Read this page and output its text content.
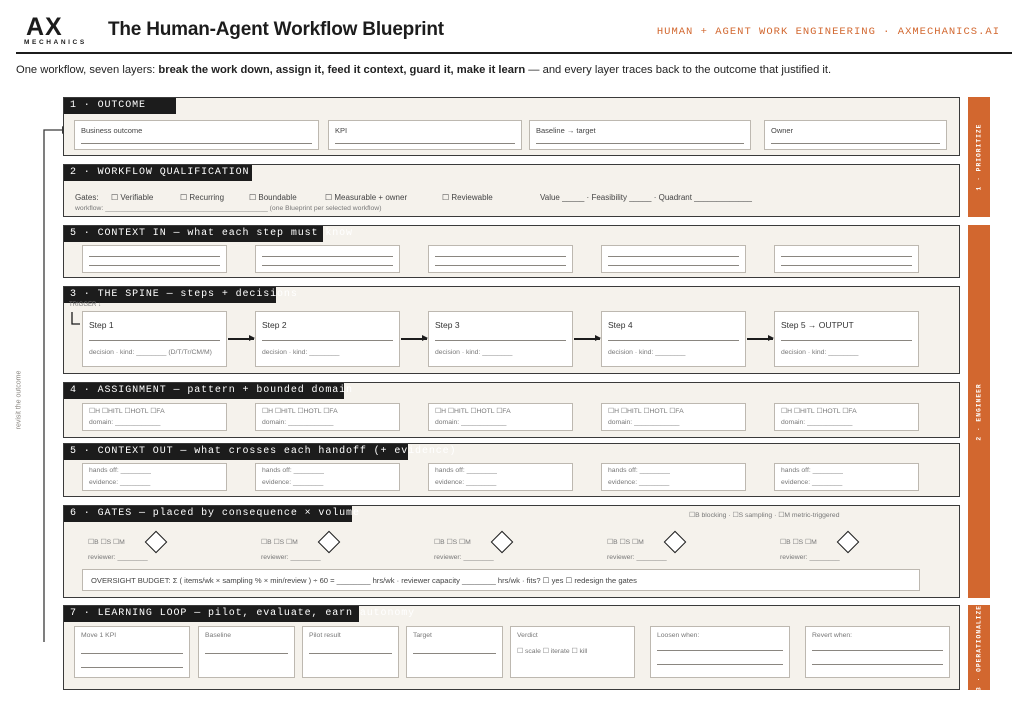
AX
MECHANICS
The Human-Agent Workflow Blueprint	HUMAN + AGENT WORK ENGINEERING · AXMECHANICS.AI
One workflow, seven layers: break the work down, assign it, feed it context, guard it, make it learn — and every layer traces back to the outcome that justified it.
revisit the outcome
1 · PRIORITIZE
2 · ENGINEER
3 · OPERATIONALIZE
1 · OUTCOME
Business outcome	KPI	Baseline → target	Owner
2 · WORKFLOW QUALIFICATION
Gates: ☐ Verifiable	☐ Recurring	☐ Boundable	☐ Measurable + owner	☐ Reviewable	Value _____ · Feasibility _____ · Quadrant _____________
workflow: ___________________________________________ (one Blueprint per selected workflow)
5 · CONTEXT IN — what each step must know
3 · THE SPINE — steps + decisions
TRIGGER ↓
Step 1
decision · kind: ________ (D/T/Tr/CM/M)
Step 2
decision · kind: ________
Step 3
decision · kind: ________
Step 4
decision · kind: ________
Step 5 → OUTPUT
decision · kind: ________
4 · ASSIGNMENT — pattern + bounded domain
☐H ☐HITL ☐HOTL ☐FA
domain: ____________
☐H ☐HITL ☐HOTL ☐FA
domain: ____________
☐H ☐HITL ☐HOTL ☐FA
domain: ____________
☐H ☐HITL ☐HOTL ☐FA
domain: ____________
☐H ☐HITL ☐HOTL ☐FA
domain: ____________
5 · CONTEXT OUT — what crosses each handoff (+ evidence)
hands off: ________
evidence: ________
hands off: ________
evidence: ________
hands off: ________
evidence: ________
hands off: ________
evidence: ________
hands off: ________
evidence: ________
6 · GATES — placed by consequence × volume	☐B blocking · ☐S sampling · ☐M metric-triggered
☐B ☐S ☐M
reviewer: ________
☐B ☐S ☐M
reviewer: ________
☐B ☐S ☐M
reviewer: ________
☐B ☐S ☐M
reviewer: ________
☐B ☐S ☐M
reviewer: ________
OVERSIGHT BUDGET: Σ ( items/wk × sampling % × min/review ) ÷ 60 = ________ hrs/wk · reviewer capacity ________ hrs/wk · fits? ☐ yes ☐ redesign the gates
7 · LEARNING LOOP — pilot, evaluate, earn autonomy
Move 1 KPI	Baseline	Pilot result	Target	Verdict
☐ scale ☐ iterate ☐ kill
Loosen when:	Revert when:
